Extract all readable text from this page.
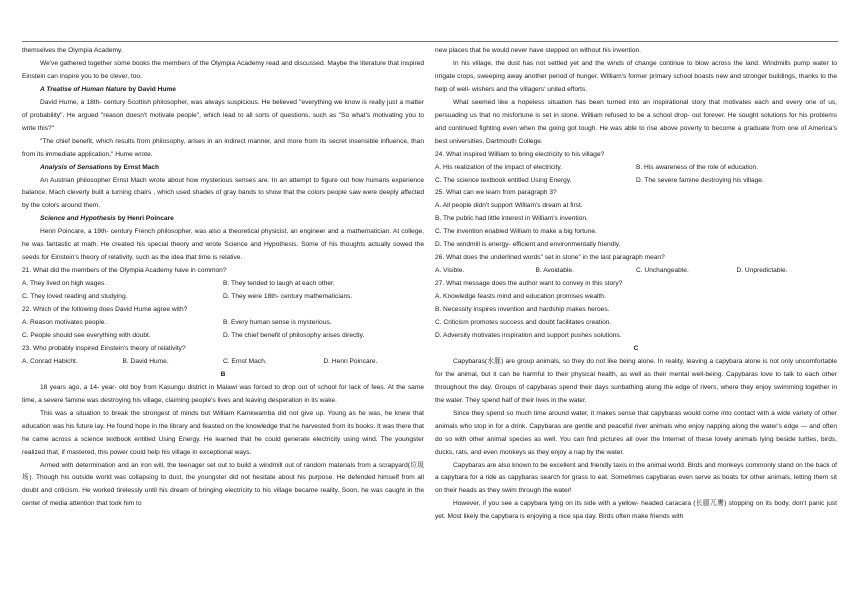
themselves the Olympia Academy.

We've gathered together some books the members of the Olympia Academy read and discussed. Maybe the literature that inspired Einstein can inspire you to be clever, too.

A Treatise of Human Nature by David Hume

David Hume, a 18th- century Scottish philosopher, was always suspicious. He believed "everything we know is really just a matter of probability". He argued "reason doesn't motivate people", which lead to all sorts of questions, such as "So what's motivating you to write this?"

"The chief benefit, which results from philosophy, arises in an indirect manner, and more from its secret insensible influence, than from its immediate application," Hume wrote.

Analysis of Sensations by Ernst Mach

An Austrian philosopher Ernst Mach wrote about how mysterious senses are. In an attempt to figure out how humans experience balance, Mach cleverly built a turning chairs , which used shades of gray bands to show that the colors people saw were deeply affected by the colors around them.

Science and Hypothesis by Henri Poincare

Henri Poincare, a 19th- century French philosopher, was also a theoretical physicist, an engineer and a mathematician. At college, he was fantastic at math. He created his special theory and wrote Science and Hypothesis. Some of his thoughts actually sowed the seeds for Einstein's theory of relativity, such as the idea that time is relative.

21. What did the members of the Olympia Academy have in common?

A. They lived on high wages.	B. They tended to laugh at each other.
C. They loved reading and studying.	D. They were 18th- century mathematicians.

22. Which of the following does David Hume agree with?

A. Reason motivates people.	B. Every human sense is mysterious.
C. People should see everything with doubt.	D. The chief benefit of philosophy arises directly.

23. Who probably inspired Einstein's theory of relativity?

A. Conrad Habicht.	B. David Hume.	C. Ernst Mach.	D. Henri Poincare.

B

18 years ago, a 14- year- old boy from Kasungu district in Malawi was forced to drop out of school for lack of fees. At the same time, a severe famine was destroying his village, claiming people's lives and leaving desperation in its wake.

This was a situation to break the strongest of minds but William Kamkwamba did not give up. Young as he was, he knew that education was his future lay. He found hope in the library and feasted on the knowledge that he harvested from its books. It was there that he came across a science textbook entitled Using Energy. He learned that he could generate electricity using wind. The youngster realized that, if mastered, this power could help his village in exceptional ways.

Armed with determination and an iron will, the teenager set out to build a windmill out of random materials from a scrapyard(垃圾场). Though his outside world was collapsing to dust, the youngster did not hesitate about his purpose. He defended himself from all doubt and criticism. He worked tirelessly until his dream of bringing electricity to his village became reality. Soon, he was caught in the center of media attention that took him to

new places that he would never have stepped on without his invention.

In his village, the dust has not settled yet and the winds of change continue to blow across the land. Windmills pump water to irrigate crops, sweeping away another period of hunger. William's former primary school boasts new and stronger buildings, thanks to the help of well- wishers and the villagers' united efforts.

What seemed like a hopeless situation has been turned into an inspirational story that motivates each and every one of us, persuading us that no misfortune is set in stone. William refused to be a school drop- out forever. He sought solutions for his problems and continued fighting even when the going got tough. He was able to rise above poverty to become a graduate from one of America's best universities, Dartmouth College.

24. What inspired William to bring electricity to his village?

A. His realization of the impact of electricity.	B. His awareness of the role of education.
C. The science textbook entitled Using Energy.	D. The severe famine destroying his village.

25. What can we learn from paragraph 3?

A. All people didn't support William's dream at first.

B. The public had little interest in William's invention.

C. The invention enabled William to make a big fortune.

D. The windmill is energy- efficient and environmentally friendly.

26. What does the underlined words" set in stone" in the last paragraph mean?

A. Visible.	B. Avoidable.	C. Unchangeable.	D. Unpredictable.

27. What message does the author want to convey in this story?

A. Knowledge feasts mind and education promises wealth.

B. Necessity inspires invention and hardship makes heroes.

C. Criticism promotes success and doubt facilitates creation.

D. Adversity motivates inspiration and support pushes solutions.

C

Capybaras(水豚) are group animals, so they do not like being alone. In reality, leaving a capybara alone is not only uncomfortable for the animal, but it can be harmful to their physical health, as well as their mental well-being. Capybaras love to talk to each other throughout the day. Groups of capybaras spend their days sunbathing along the edge of rivers, where they enjoy swimming together in the water. They spend half of their lives in the water.

Since they spend so much time around water, it makes sense that capybaras would come into contact with a wide variety of other animals who stop in for a drink. Capybaras are gentle and peaceful river animals who enjoy napping along the water's edge — and often do so with other animal species as well. You can find pictures all over the Internet of these lovely animals lying beside turtles, birds, ducks, rats, and even monkeys as they enjoy a nap by the water.

Capybaras are also known to be excellent and friendly taxis in the animal world. Birds and monkeys commonly stand on the back of a capybara for a ride as capybaras search for grass to eat. Sometimes capybaras even serve as boats for other animals, letting them sit on their heads as they swim through the water!

However, if you see a capybara lying on its side with a yellow- headed caracara (长腿兀鹰) stopping on its body, don't panic just yet. Most likely the capybara is enjoying a nice spa day. Birds often make friends with
